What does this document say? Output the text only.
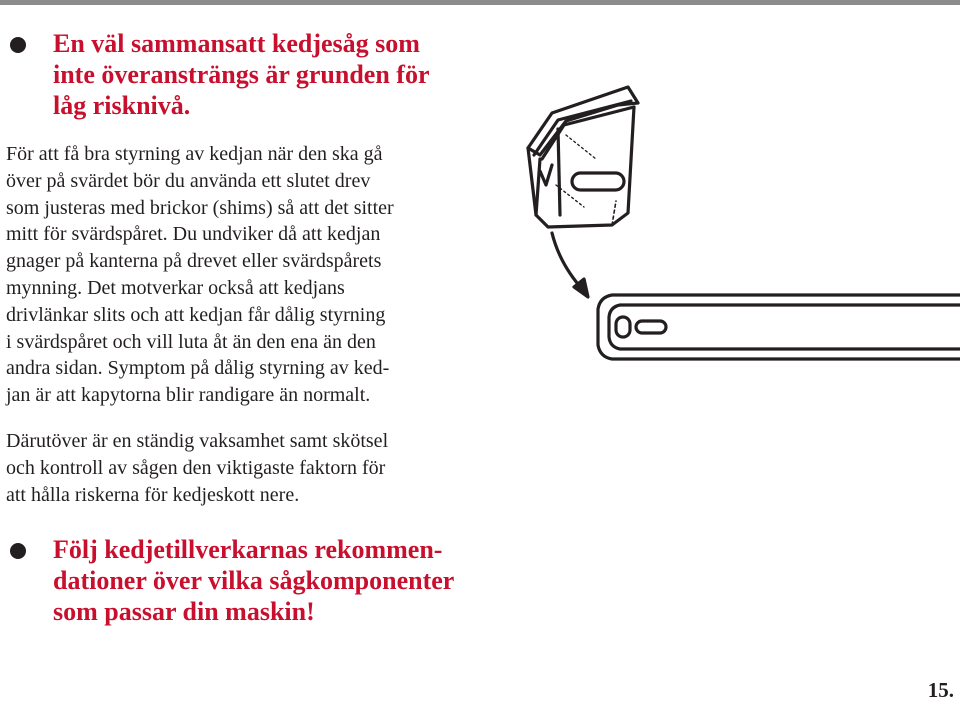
En väl sammansatt kedjesåg som
inte överansträngs är grunden för
låg risknivå.
För att få bra styrning av kedjan när den ska gå
över på svärdet bör du använda ett slutet drev
som justeras med brickor (shims) så att det sitter
mitt för svärdspåret. Du undviker då att kedjan
gnager på kanterna på drevet eller svärdspårets
mynning. Det motverkar också att kedjans
drivlänkar slits och att kedjan får dålig styrning
i svärdspåret och vill luta åt än den ena än den
andra sidan. Symptom på dålig styrning av ked-
jan är att kapytorna blir randigare än normalt.
Därutöver är en ständig vaksamhet samt skötsel
och kontroll av sågen den viktigaste faktorn för
att hålla riskerna för kedjeskott nere.
Följ kedjetillverkarnas rekommen-
dationer över vilka sågkomponenter
som passar din maskin!
15.
